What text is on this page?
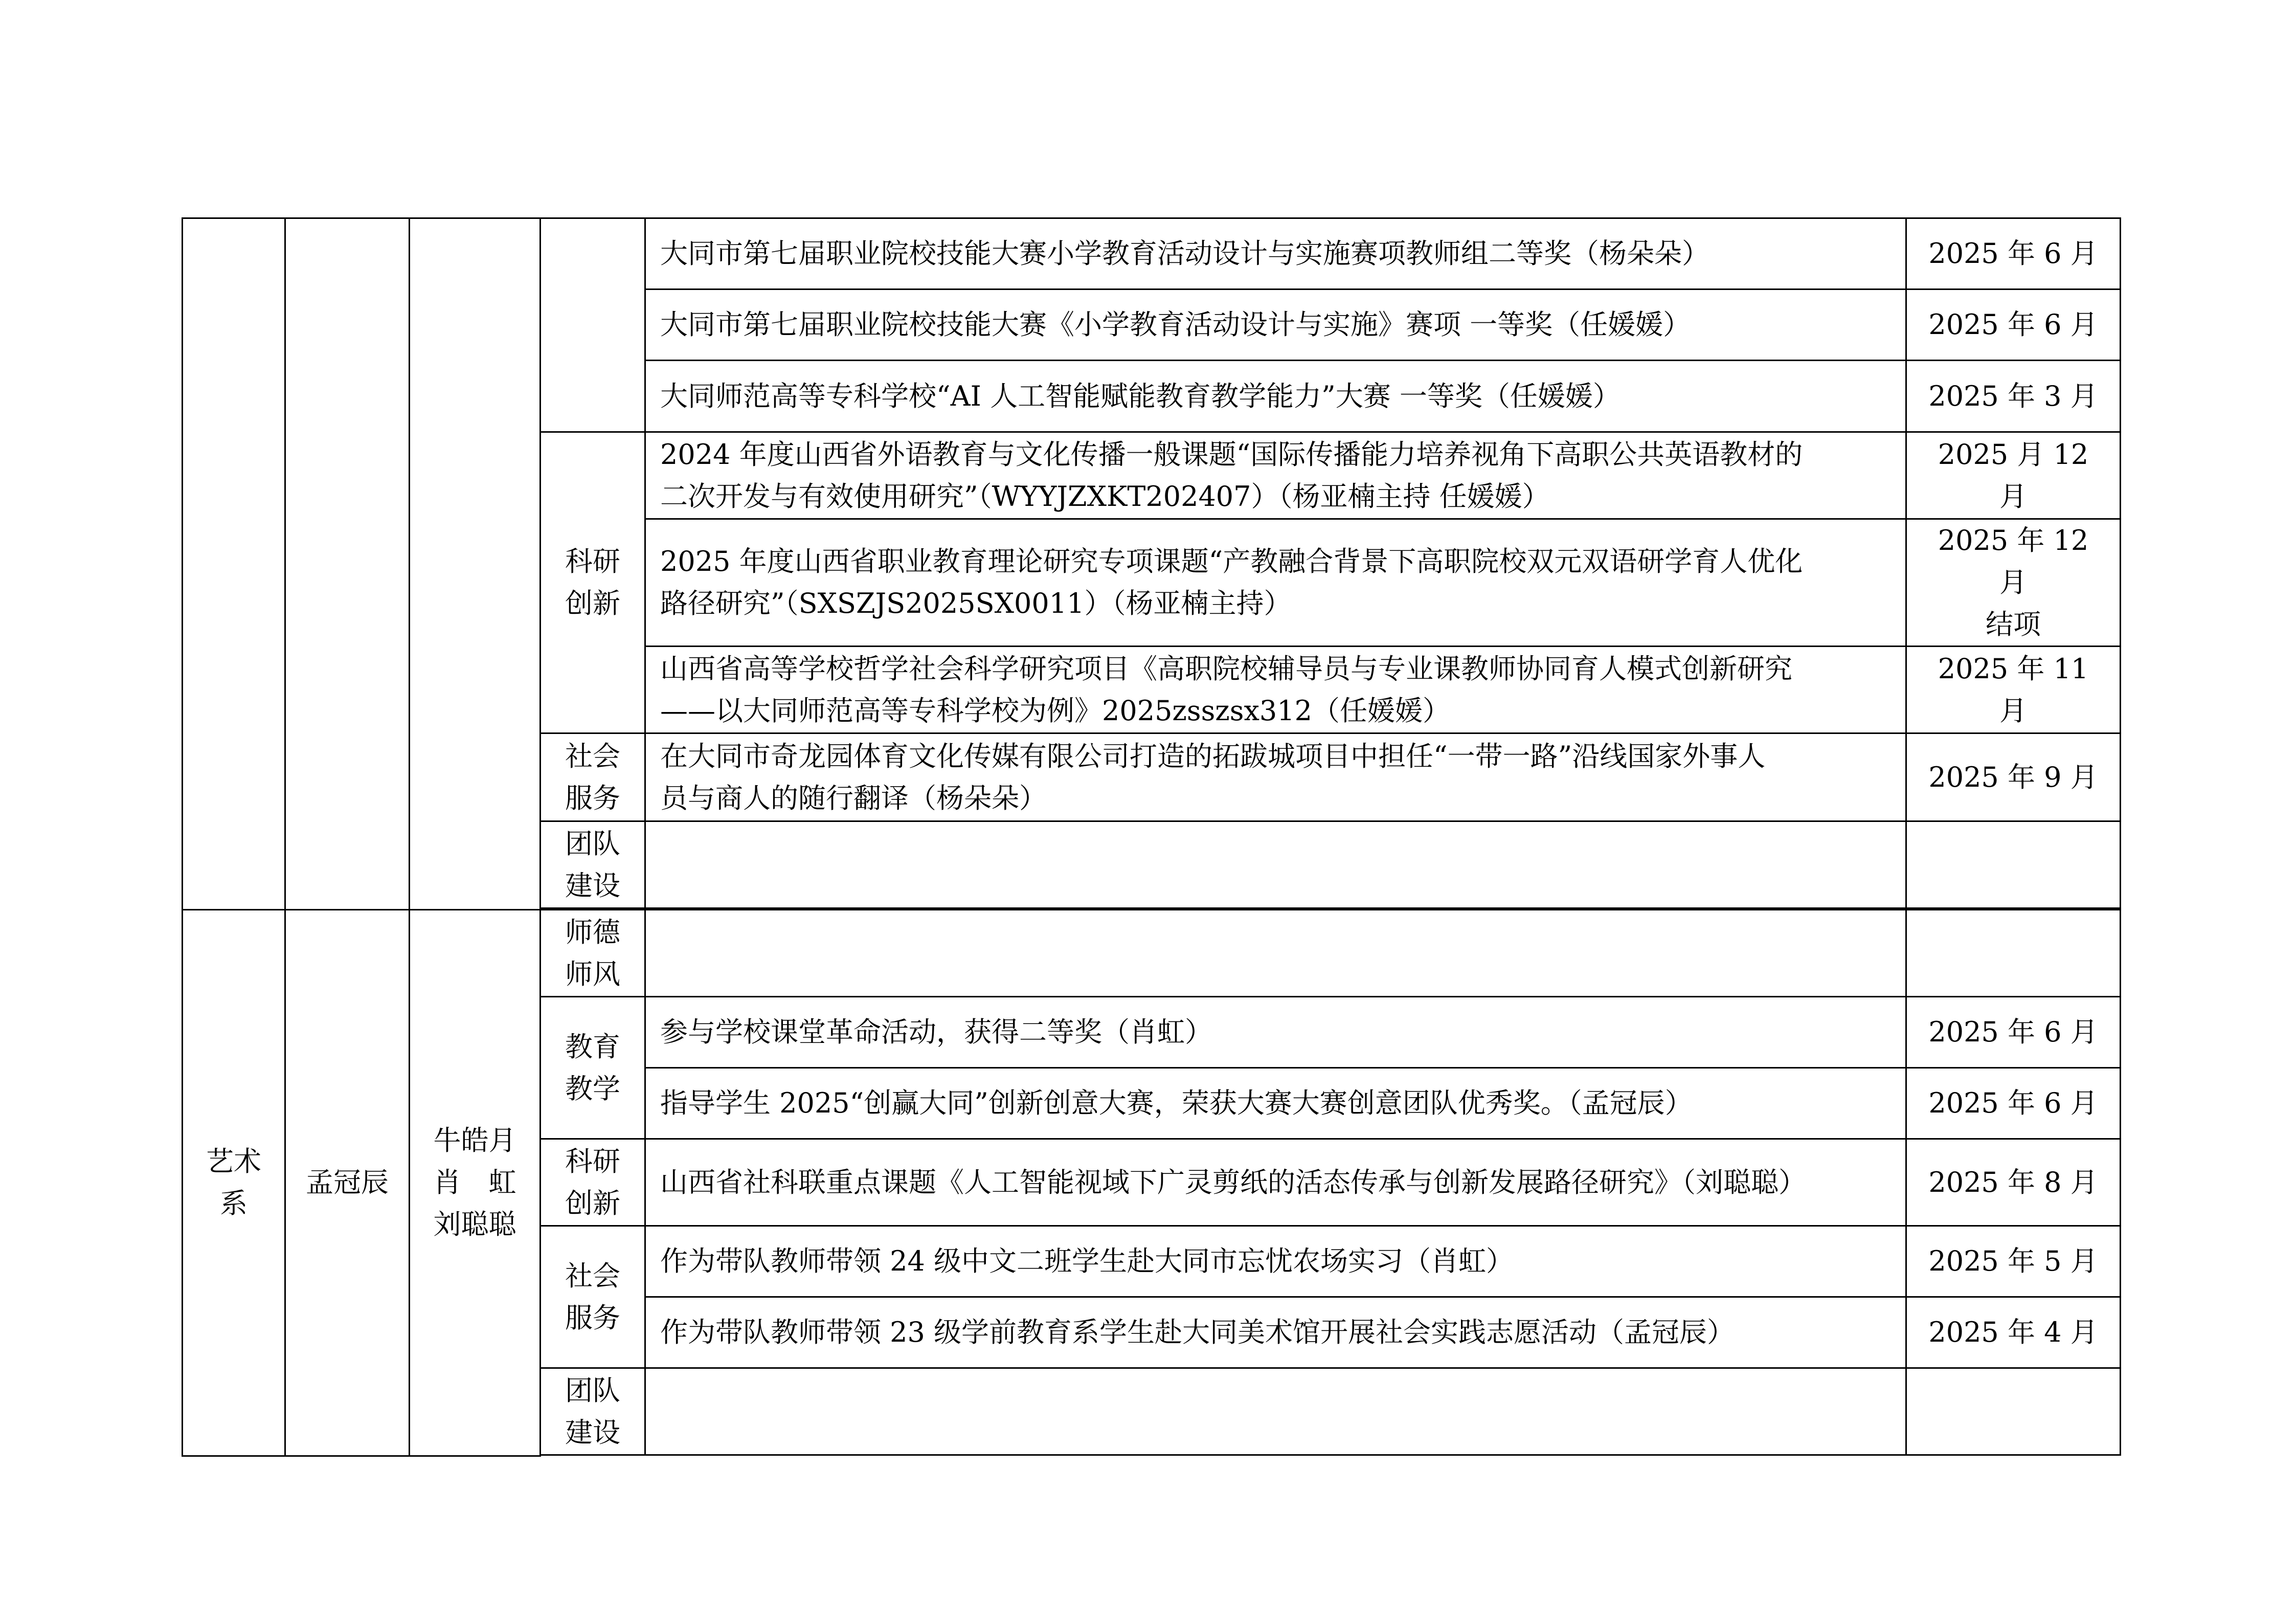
				大同市第七届职业院校技能大赛小学教育活动设计与实施赛项教师组二等奖（杨朵朵）	2025 年 6 月
				大同市第七届职业院校技能大赛《小学教育活动设计与实施》赛项 一等奖（任媛媛）	2025 年 6 月
				大同师范高等专科学校“AI 人工智能赋能教育教学能力”大赛 一等奖（任媛媛）	2025 年 3 月

			科研
创新	2024 年度山西省外语教育与文化传播一般课题“国际传播能力培养视角下高职公共英语教材的
二次开发与有效使用研究”（WYYJZXKT202407）（杨亚楠主持 任媛媛）	2025 月 12 月

				2025 年度山西省职业教育理论研究专项课题“产教融合背景下高职院校双元双语研学育人优化
路径研究”（SXSZJS2025SX0011）（杨亚楠主持）	2025 年 12 月
结项

				山西省高等学校哲学社会科学研究项目《高职院校辅导员与专业课教师协同育人模式创新研究
——以大同师范高等专科学校为例》2025zsszsx312（任媛媛）	2025 年 11 月

			社会
服务	在大同市奇龙园体育文化传媒有限公司打造的拓跋城项目中担任“一带一路”沿线国家外事人
员与商人的随行翻译（杨朵朵）	2025 年 9 月

			团队
建设		

艺术
系	孟冠辰	牛皓月
肖　虹
刘聪聪	师德
师风		

			教育
教学	参与学校课堂革命活动，获得二等奖（肖虹）	2025 年 6 月
				指导学生 2025“创赢大同”创新创意大赛，荣获大赛大赛创意团队优秀奖。（孟冠辰）	2025 年 6 月

			科研
创新	山西省社科联重点课题《人工智能视域下广灵剪纸的活态传承与创新发展路径研究》（刘聪聪）	2025 年 8 月

			社会
服务	作为带队教师带领 24 级中文二班学生赴大同市忘忧农场实习（肖虹）	2025 年 5 月
				作为带队教师带领 23 级学前教育系学生赴大同美术馆开展社会实践志愿活动（孟冠辰）	2025 年 4 月

			团队
建设		
